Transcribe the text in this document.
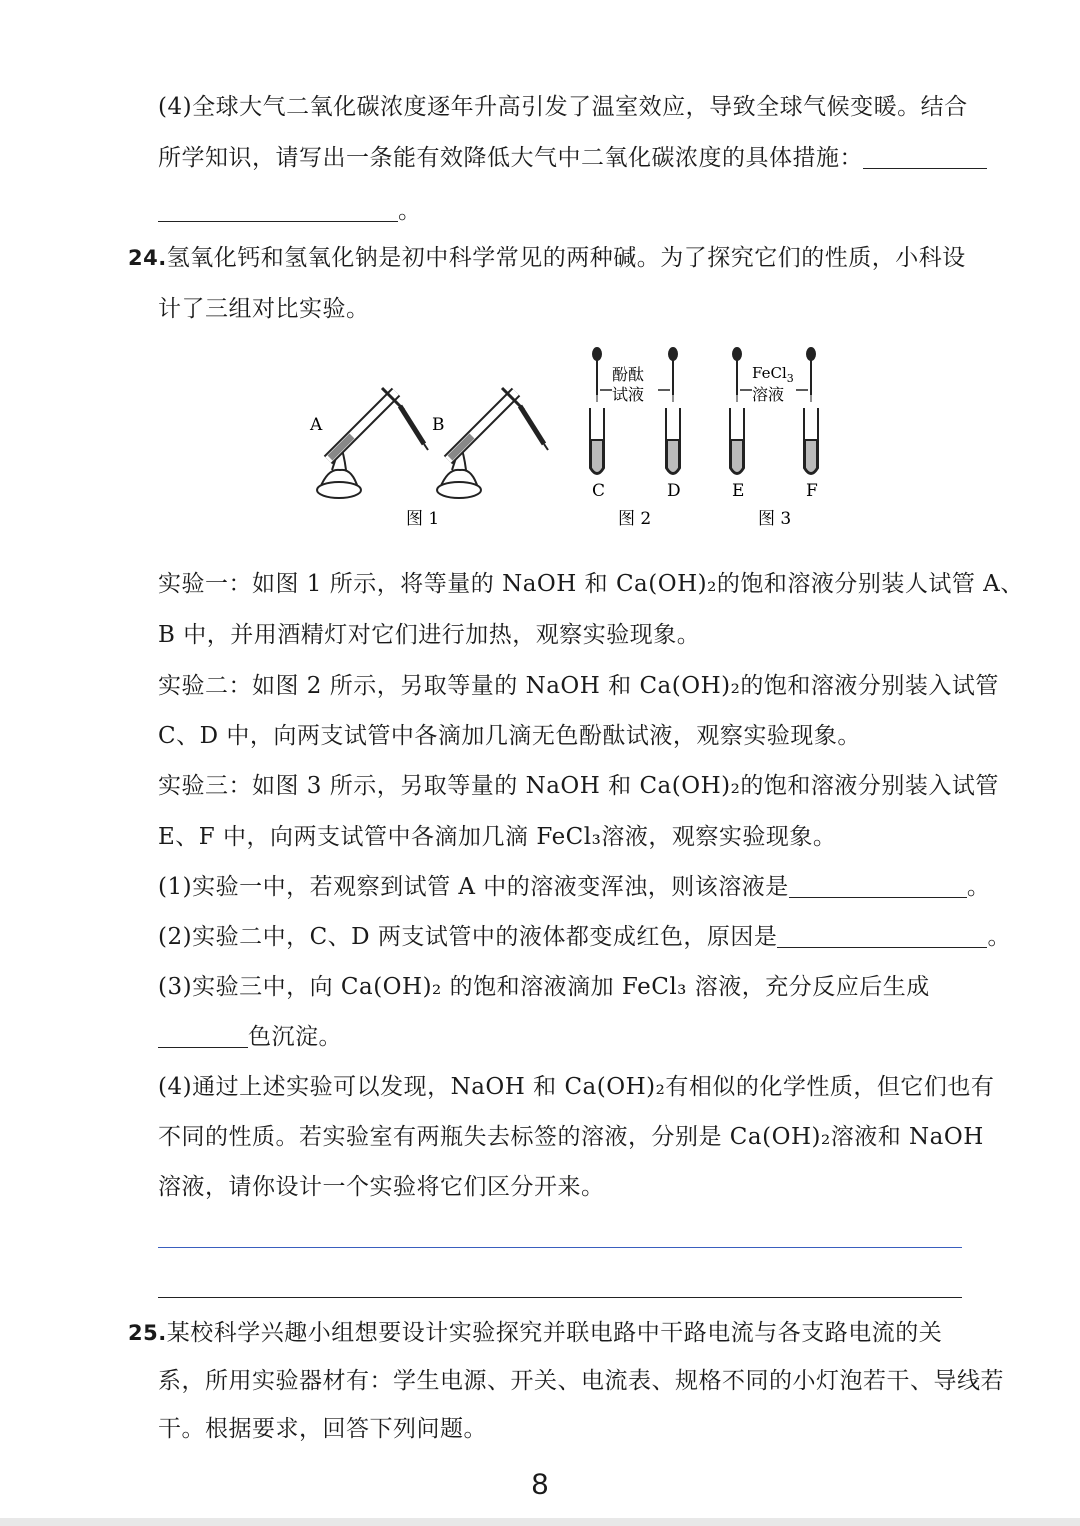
(4)全球大气二氧化碳浓度逐年升高引发了温室效应，导致全球气候变暖。结合
所学知识，请写出一条能有效降低大气中二氧化碳浓度的具体措施：
。
24.氢氧化钙和氢氧化钠是初中科学常见的两种碱。为了探究它们的性质，小科设
计了三组对比实验。
A	B
酚酞
试液
C	D
FeCl$_3$
溶液
E	F
图 1	图 2	图 3
实验一：如图 1 所示，将等量的 NaOH 和 Ca(OH)₂的饱和溶液分别装人试管 A、
B 中，并用酒精灯对它们进行加热，观察实验现象。
实验二：如图 2 所示，另取等量的 NaOH 和 Ca(OH)₂的饱和溶液分别装入试管
C、D 中，向两支试管中各滴加几滴无色酚酞试液，观察实验现象。
实验三：如图 3 所示，另取等量的 NaOH 和 Ca(OH)₂的饱和溶液分别装入试管
E、F 中，向两支试管中各滴加几滴 FeCl₃溶液，观察实验现象。
(1)实验一中，若观察到试管 A 中的溶液变浑浊，则该溶液是	。
(2)实验二中，C、D 两支试管中的液体都变成红色，原因是	。
(3)实验三中，向 Ca(OH)₂ 的饱和溶液滴加 FeCl₃ 溶液，充分反应后生成
色沉淀。
(4)通过上述实验可以发现，NaOH 和 Ca(OH)₂有相似的化学性质，但它们也有
不同的性质。若实验室有两瓶失去标签的溶液，分别是 Ca(OH)₂溶液和 NaOH
溶液，请你设计一个实验将它们区分开来。
25.某校科学兴趣小组想要设计实验探究并联电路中干路电流与各支路电流的关
系，所用实验器材有：学生电源、开关、电流表、规格不同的小灯泡若干、导线若
干。根据要求，回答下列问题。
8
